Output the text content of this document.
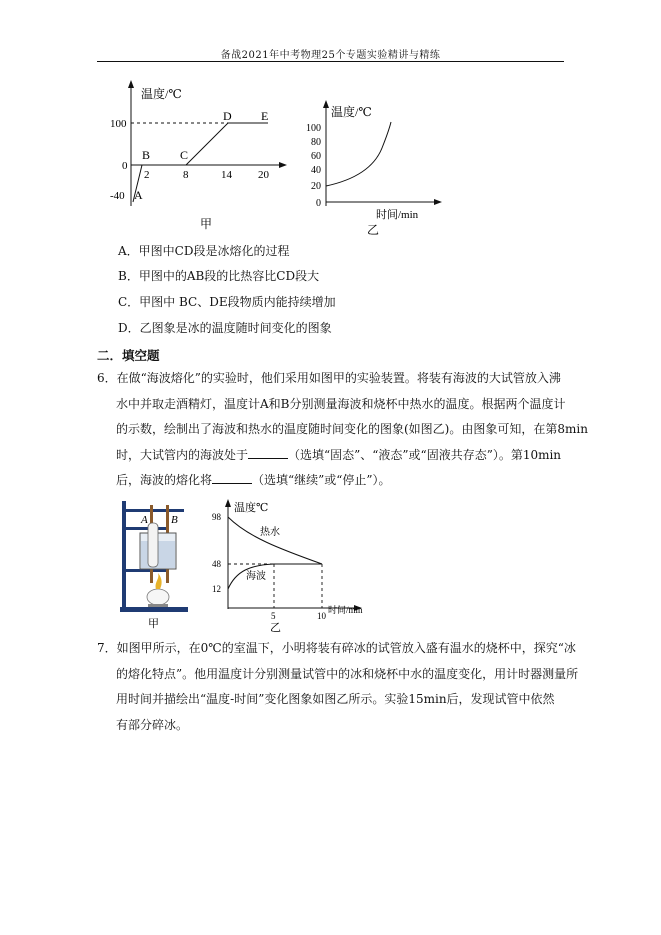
备战2021年中考物理25个专题实验精讲与精练
温度/℃
100
0
-40
2	8	14 20
A
B C
D E
甲
温度/℃
100
80
60
40
20
0
时间/min
乙
A．甲图中CD段是冰熔化的过程
B．甲图中的AB段的比热容比CD段大
C．甲图中 BC、DE段物质内能持续增加
D．乙图象是冰的温度随时间变化的图象
二．填空题
6．在做“海波熔化”的实验时，他们采用如图甲的实验装置。将装有海波的大试管放入沸
水中并取走酒精灯，温度计A和B分别测量海波和烧杯中热水的温度。根据两个温度计
的示数，绘制出了海波和热水的温度随时间变化的图象(如图乙)。由图象可知，在第8min
时，大试管内的海波处于	（选填“固态”、“液态”或“固液共存态”）。第10min
后，海波的熔化将	（选填“继续”或“停止”）。
A B
甲
温度℃
98
48
12
热水
海波
5	10
时间/min
乙
7．如图甲所示，在0℃的室温下，小明将装有碎冰的试管放入盛有温水的烧杯中，探究“冰
的熔化特点”。他用温度计分别测量试管中的冰和烧杯中水的温度变化，用计时器测量所
用时间并描绘出“温度-时间”变化图象如图乙所示。实验15min后，发现试管中依然
有部分碎冰。
